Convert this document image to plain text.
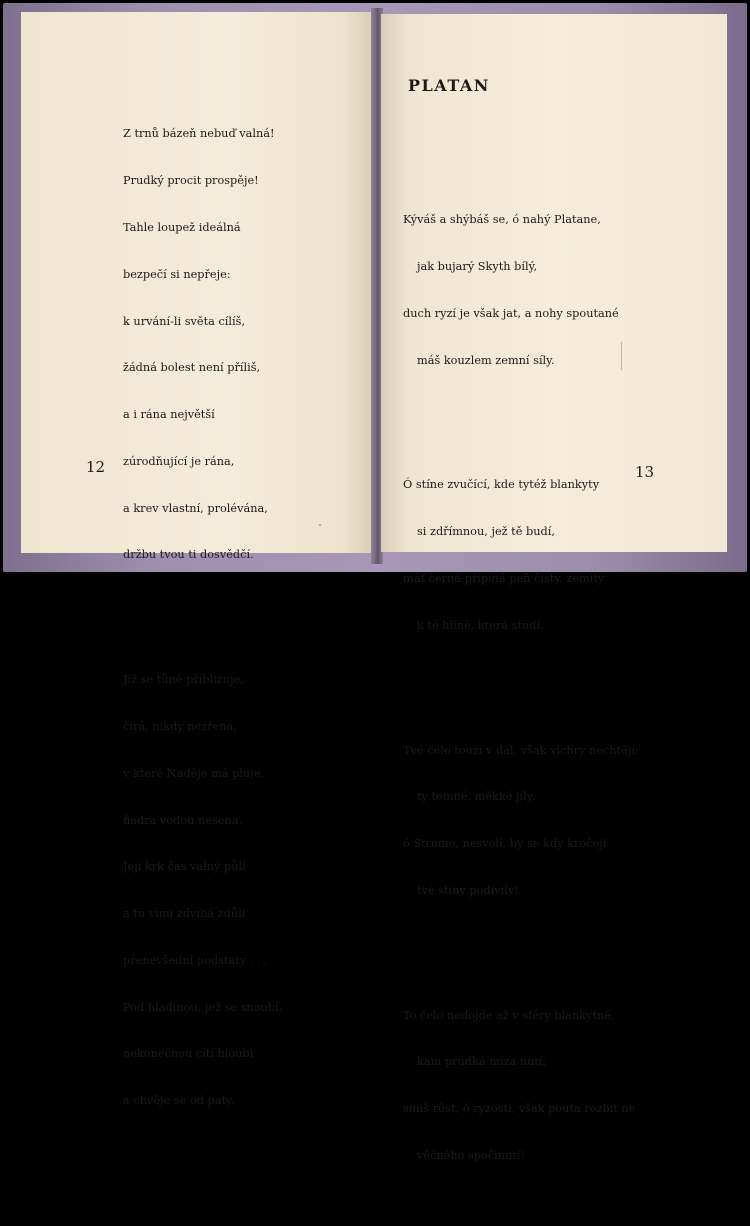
Z trnů bázeň nebuď valná!

Prudký procit prospěje!

Tahle loupež ideálná

bezpečí si nepřeje:

k urvání-li světa cílíš,

žádná bolest není příliš,

a i rána největší

zúrodňující je rána,

a krev vlastní, prolévána,

držbu tvou ti dosvědčí.

Již se tůně přibližuje,

čirá, nikdy nezřená,

v které Naděje má pluje,

ňadra vodou nesena.

Její krk čas valný půlí

a tu vlnu zdvihá zdůli

přenevšední podstaty . . .

Pod hladinou, jež se snoubí,

nekonečnou cítí hloubi

a chvěje se od paty.

12
PLATAN

Kýváš a shýbáš se, ó nahý Platane,

jak bujarý Skyth bílý,

duch ryzí je však jat, a nohy spoutané

máš kouzlem zemní síly.

Ó stíne zvučící, kde tytéž blankyty

si zdřímnou, jež tě budí,

máť černá připíná peň čistý, zemitý

k té hlíně, která studí.

Tvé čelo touží v dál, však vichry nechtějí;

ty temné, měkké jíly,

ó Strome, nesvolí, by se kdy kročeji

tvé stíny podivily!

To čelo nedojde až v sféry blankytné,

kam prudká míza nutí;

smíš růst, ó ryzosti, však pouta rozbít ne

věčného spočinutí!

13
